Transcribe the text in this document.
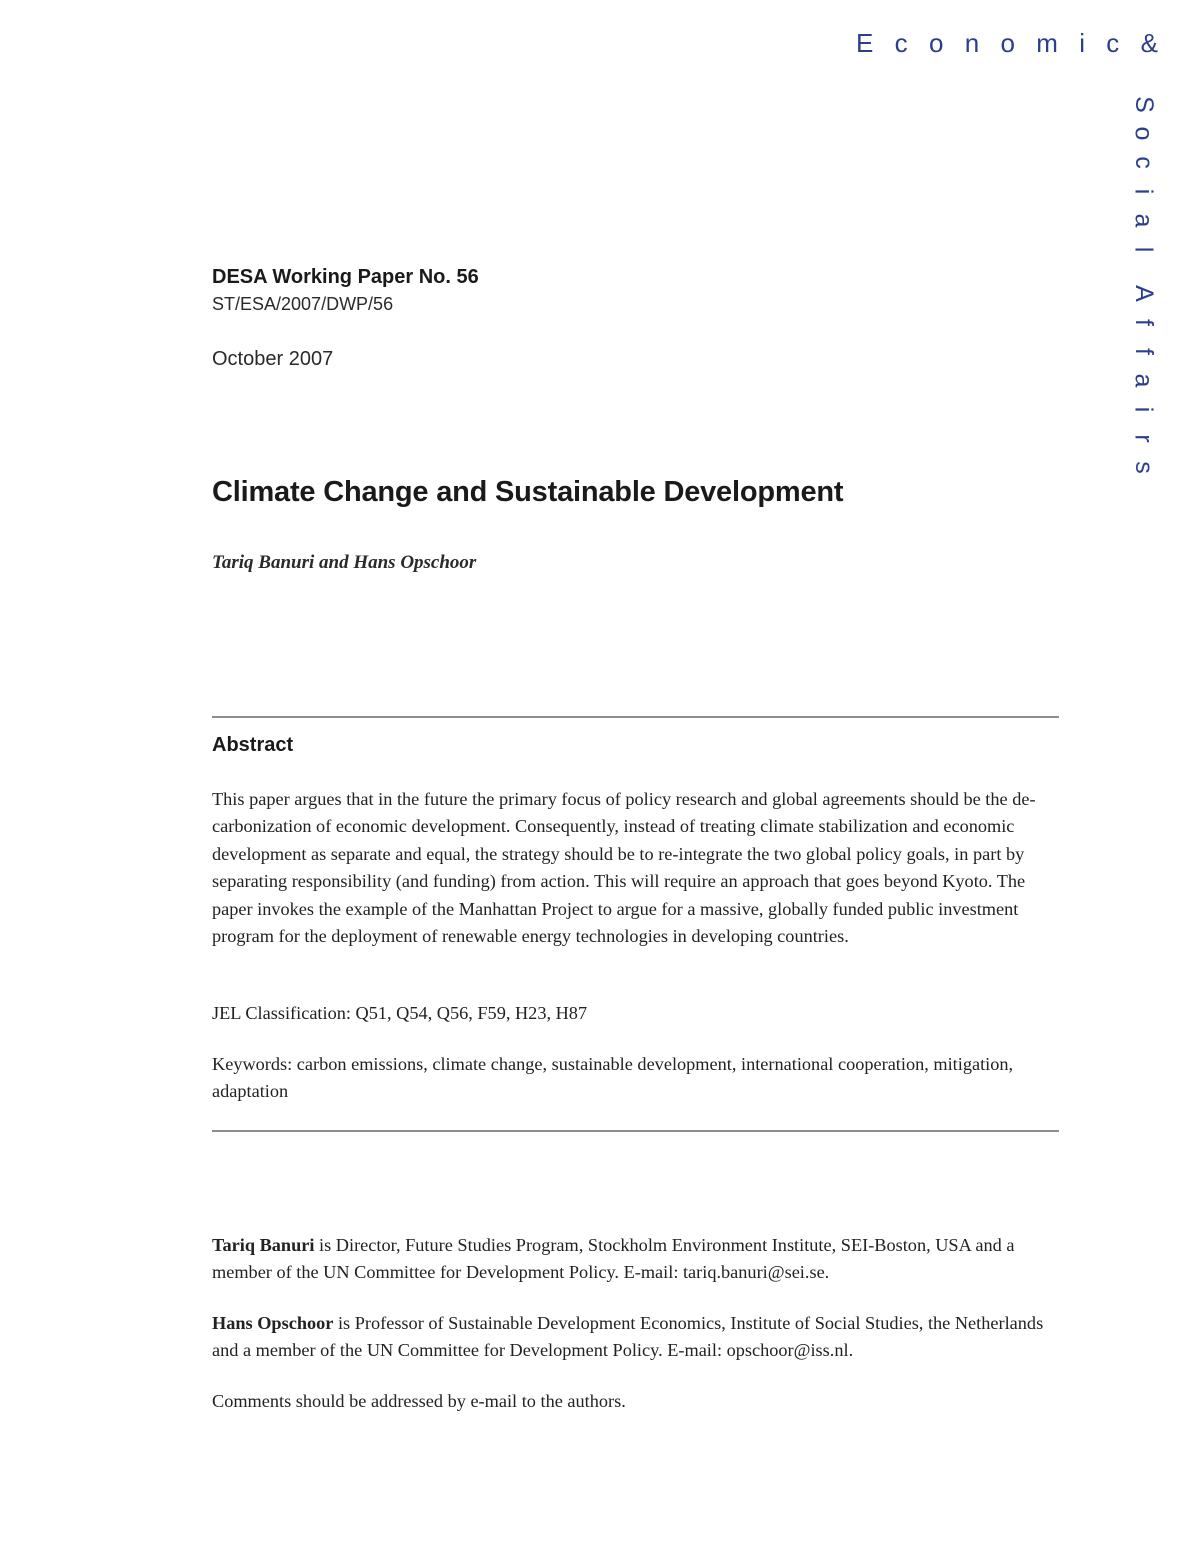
E c o n o m i c &
S
o
c
i
a
l
A
f
f
a
i
r
s
DESA Working Paper No. 56
ST/ESA/2007/DWP/56
October 2007
Climate Change and Sustainable Development
Tariq Banuri and Hans Opschoor
Abstract
This paper argues that in the future the primary focus of policy research and global agreements should be the de-carbonization of economic development. Consequently, instead of treating climate stabilization and economic development as separate and equal, the strategy should be to re-integrate the two global policy goals, in part by separating responsibility (and funding) from action. This will require an approach that goes beyond Kyoto. The paper invokes the example of the Manhattan Project to argue for a massive, globally funded public investment program for the deployment of renewable energy technologies in developing countries.
JEL Classification: Q51, Q54, Q56, F59, H23, H87
Keywords: carbon emissions, climate change, sustainable development, international cooperation, mitigation, adaptation
Tariq Banuri is Director, Future Studies Program, Stockholm Environment Institute, SEI-Boston, USA and a member of the UN Committee for Development Policy. E-mail: tariq.banuri@sei.se.
Hans Opschoor is Professor of Sustainable Development Economics, Institute of Social Studies, the Netherlands and a member of the UN Committee for Development Policy. E-mail: opschoor@iss.nl.
Comments should be addressed by e-mail to the authors.
